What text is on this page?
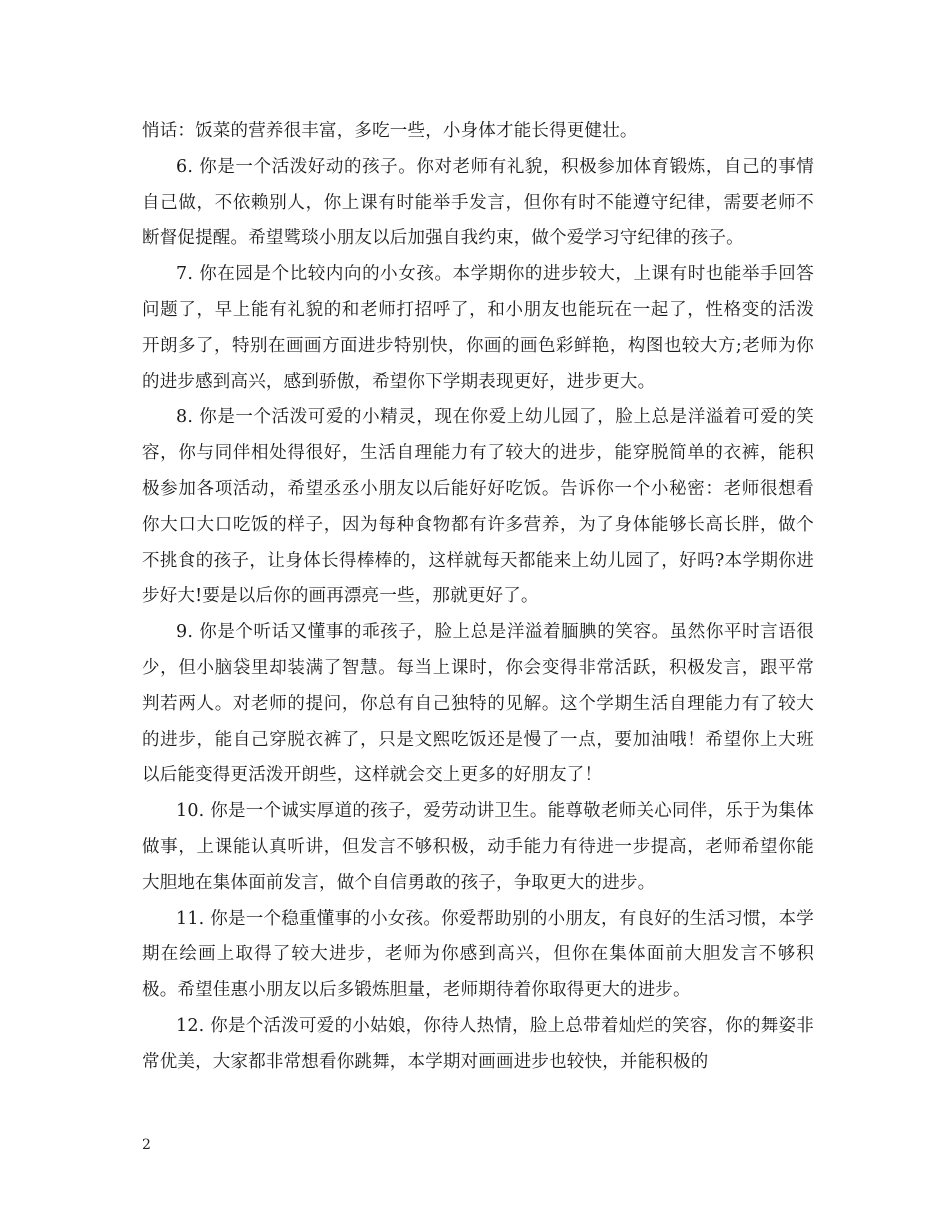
悄话：饭菜的营养很丰富，多吃一些，小身体才能长得更健壮。

6. 你是一个活泼好动的孩子。你对老师有礼貌，积极参加体育锻炼，自己的事情自己做，不依赖别人，你上课有时能举手发言，但你有时不能遵守纪律，需要老师不断督促提醒。希望骘琰小朋友以后加强自我约束，做个爱学习守纪律的孩子。

7. 你在园是个比较内向的小女孩。本学期你的进步较大，上课有时也能举手回答问题了，早上能有礼貌的和老师打招呼了，和小朋友也能玩在一起了，性格变的活泼开朗多了，特别在画画方面进步特别快，你画的画色彩鲜艳，构图也较大方;老师为你的进步感到高兴，感到骄傲，希望你下学期表现更好，进步更大。

8. 你是一个活泼可爱的小精灵，现在你爱上幼儿园了，脸上总是洋溢着可爱的笑容，你与同伴相处得很好，生活自理能力有了较大的进步，能穿脱简单的衣裤，能积极参加各项活动，希望丞丞小朋友以后能好好吃饭。告诉你一个小秘密：老师很想看你大口大口吃饭的样子，因为每种食物都有许多营养，为了身体能够长高长胖，做个不挑食的孩子，让身体长得棒棒的，这样就每天都能来上幼儿园了，好吗?本学期你进步好大!要是以后你的画再漂亮一些，那就更好了。

9. 你是个听话又懂事的乖孩子，脸上总是洋溢着腼腆的笑容。虽然你平时言语很少，但小脑袋里却装满了智慧。每当上课时，你会变得非常活跃，积极发言，跟平常判若两人。对老师的提问，你总有自己独特的见解。这个学期生活自理能力有了较大的进步，能自己穿脱衣裤了，只是文熙吃饭还是慢了一点，要加油哦！希望你上大班以后能变得更活泼开朗些，这样就会交上更多的好朋友了！

10. 你是一个诚实厚道的孩子，爱劳动讲卫生。能尊敬老师关心同伴，乐于为集体做事，上课能认真听讲，但发言不够积极，动手能力有待进一步提高，老师希望你能大胆地在集体面前发言，做个自信勇敢的孩子，争取更大的进步。

11. 你是一个稳重懂事的小女孩。你爱帮助别的小朋友，有良好的生活习惯，本学期在绘画上取得了较大进步，老师为你感到高兴，但你在集体面前大胆发言不够积极。希望佳惠小朋友以后多锻炼胆量，老师期待着你取得更大的进步。

12. 你是个活泼可爱的小姑娘，你待人热情，脸上总带着灿烂的笑容，你的舞姿非常优美，大家都非常想看你跳舞，本学期对画画进步也较快，并能积极的

2
